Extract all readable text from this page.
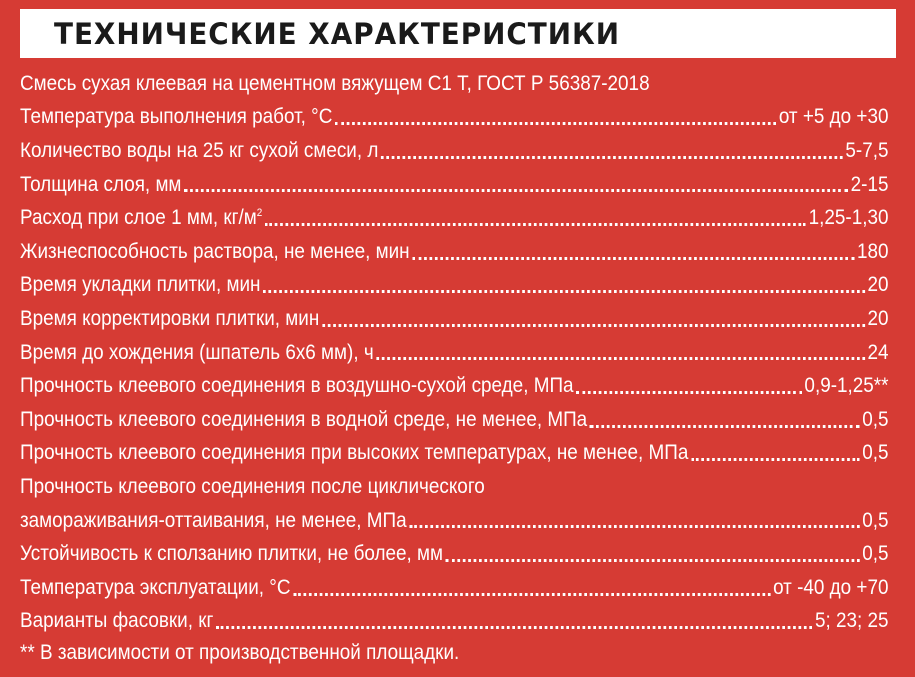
ТЕХНИЧЕСКИЕ ХАРАКТЕРИСТИКИ
Смесь сухая клеевая на цементном вяжущем С1 Т, ГОСТ Р 56387-2018
Температура выполнения работ, °С	от +5 до +30
Количество воды на 25 кг сухой смеси, л	5-7,5
Толщина слоя, мм	2-15
Расход при слое 1 мм, $кг/м^2$	1,25-1,30
Жизнеспособность раствора, не менее, мин	180
Время укладки плитки, мин	20
Время корректировки плитки, мин	20
Время до хождения (шпатель 6х6 мм), ч	24
Прочность клеевого соединения в воздушно-сухой среде, МПа	0,9-1,25**
Прочность клеевого соединения в водной среде, не менее, МПа	0,5
Прочность клеевого соединения при высоких температурах, не менее, МПа	0,5
Прочность клеевого соединения после циклического
замораживания-оттаивания, не менее, МПа	0,5
Устойчивость к сползанию плитки, не более, мм	0,5
Температура эксплуатации, °С	от -40 до +70
Варианты фасовки, кг	5; 23; 25
** В зависимости от производственной площадки.
